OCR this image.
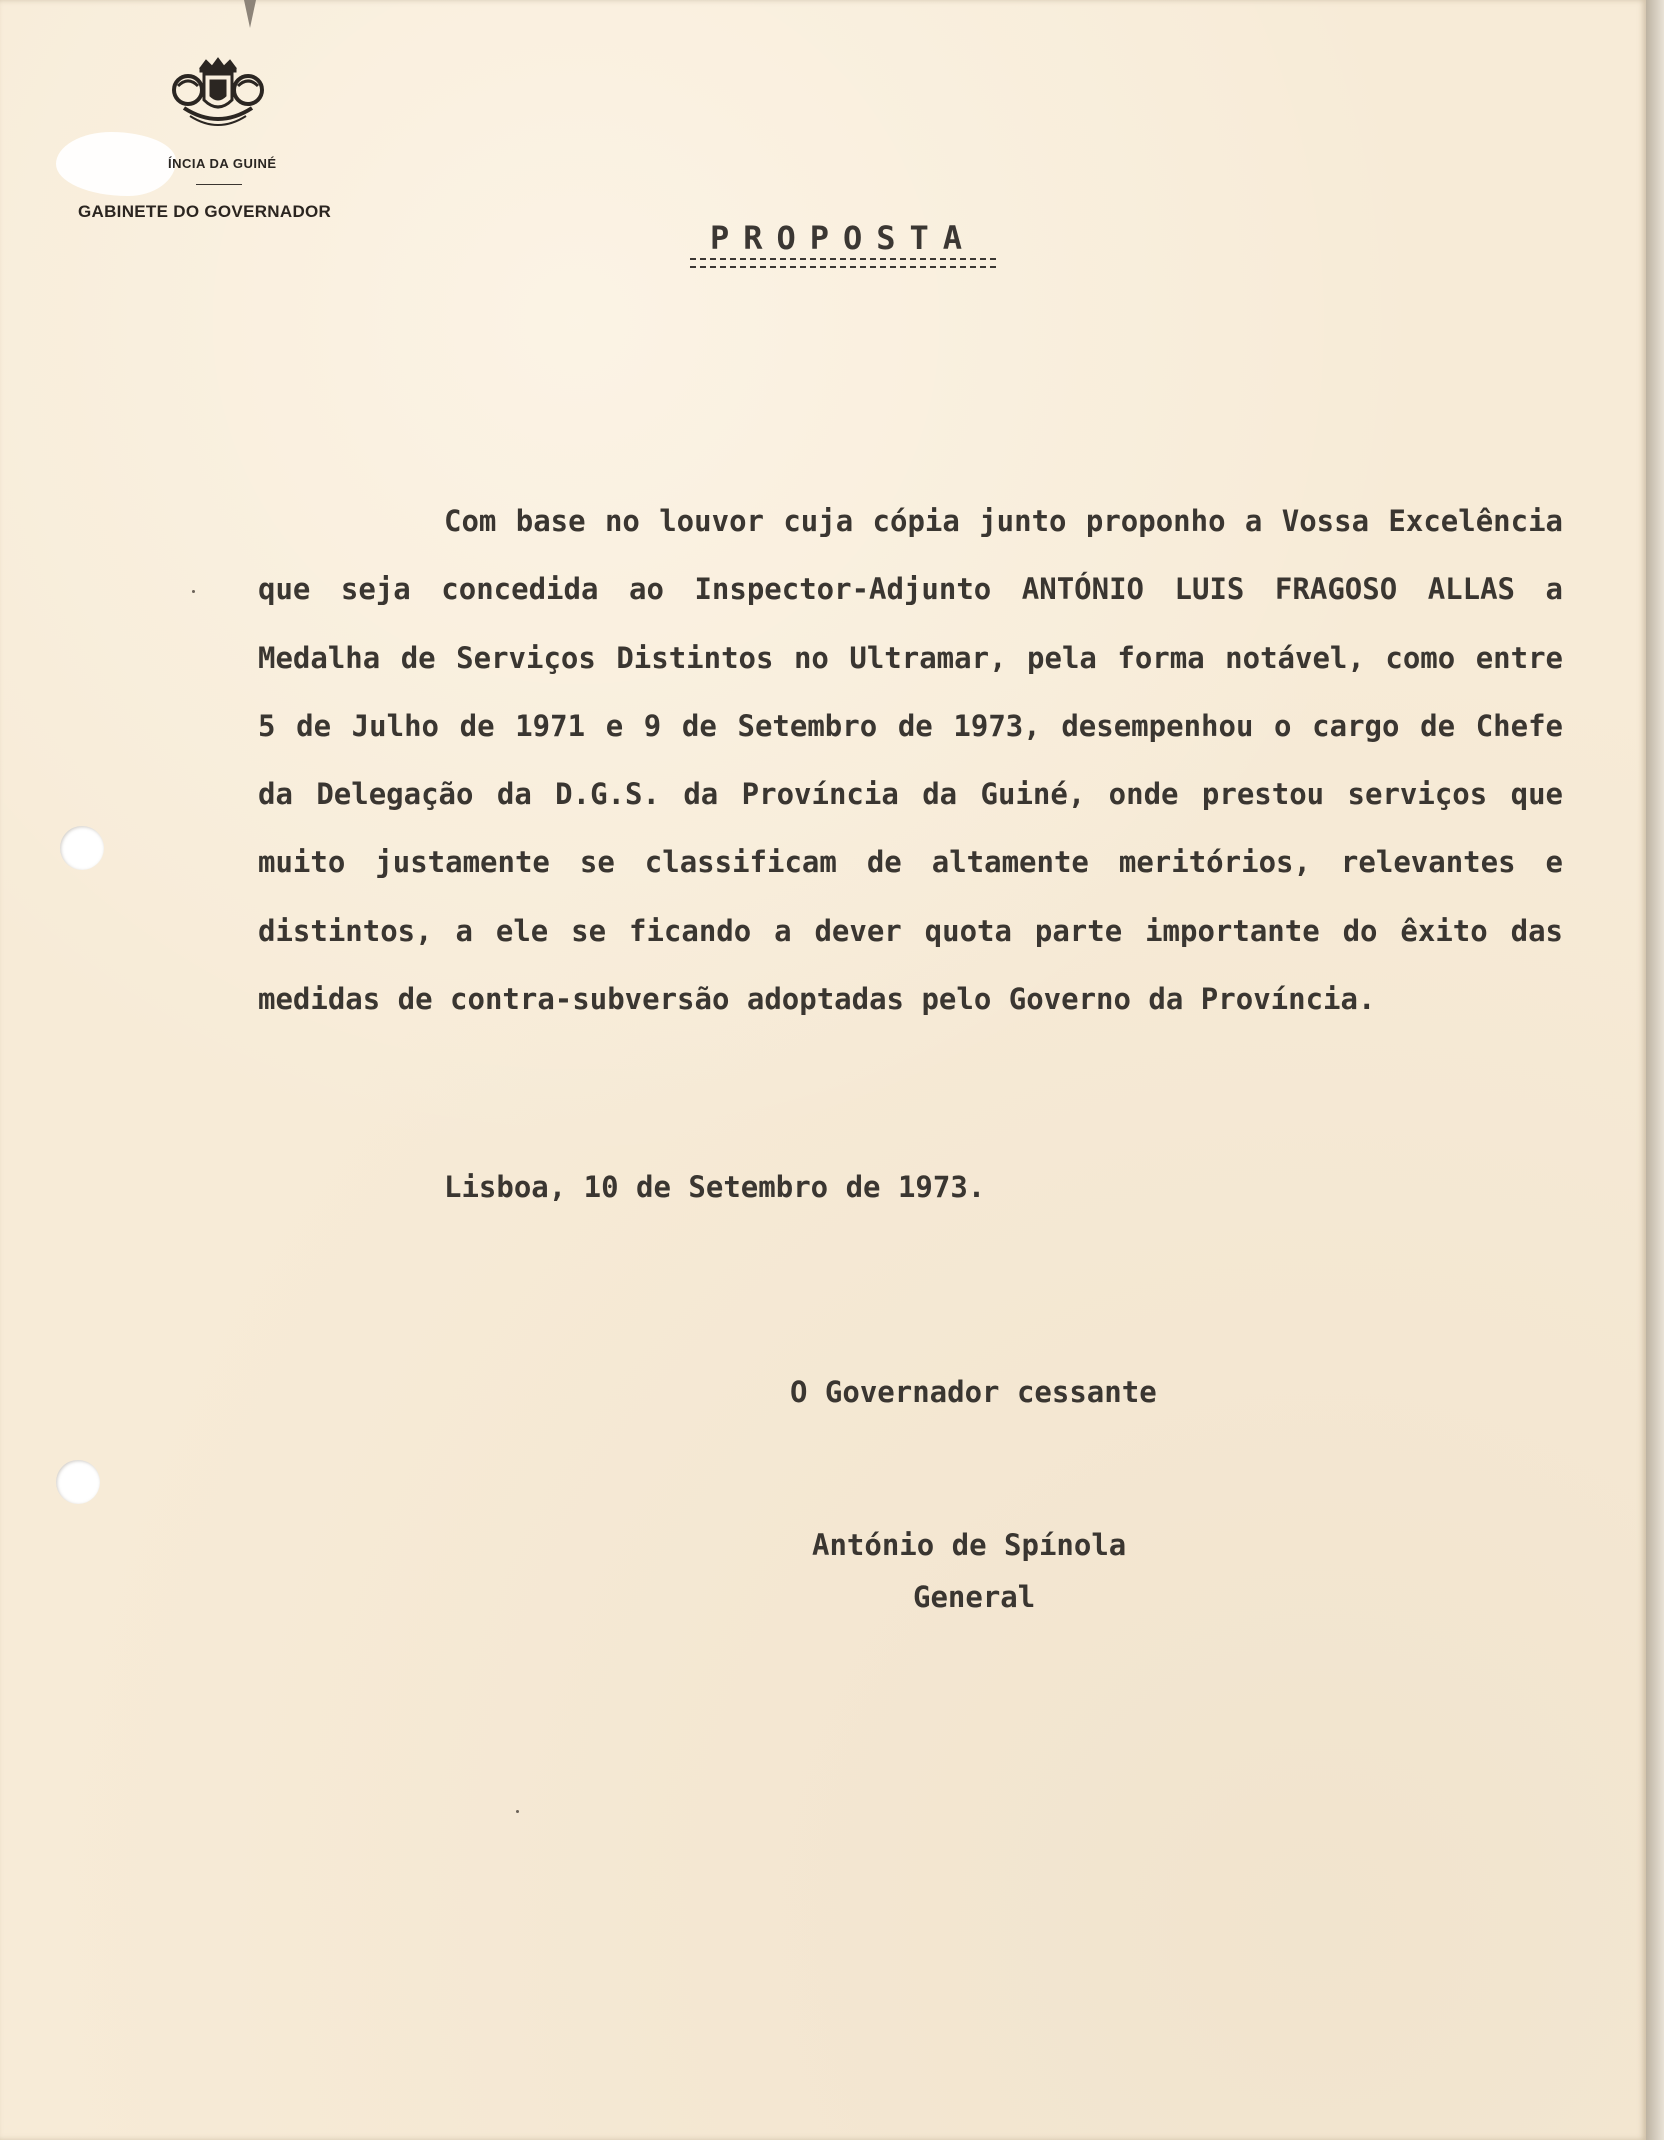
ÍNCIA DA GUINÉ
GABINETE DO GOVERNADOR
PROPOSTA

Com base no louvor cuja cópia junto proponho a Vossa Excelência que seja concedida ao Inspector-Adjunto ANTÓNIO LUIS FRAGOSO ALLAS a Medalha de Serviços Distintos no Ultramar, pela forma notável, como entre 5 de Julho de 1971 e 9 de Setembro de 1973, desempenhou o cargo de Chefe da Delegação da D.G.S. da Província da Guiné, onde prestou serviços que muito justamente se classificam de altamente meritórios, relevantes e distintos, a ele se ficando a dever quota parte importante do êxito das medidas de contra-subversão adoptadas pelo Governo da Província.

Lisboa, 10 de Setembro de 1973.
O Governador cessante
António de Spínola
General
